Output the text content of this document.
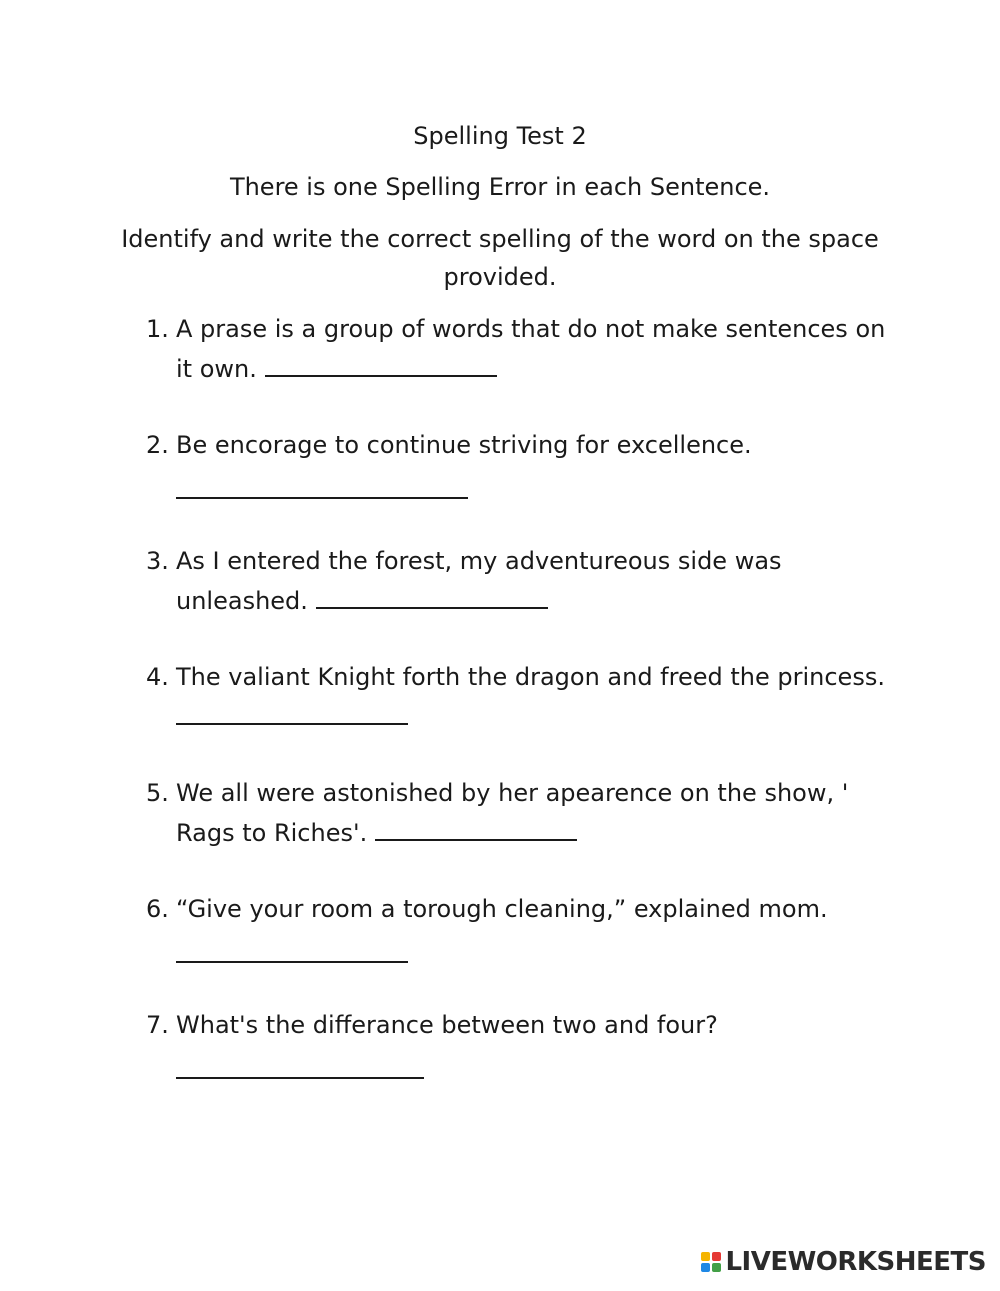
Spelling Test 2

There is one Spelling Error in each Sentence.

Identify and write the correct spelling of the word on the space provided.

1. A prase is a group of words that do not make sentences on it own.
2. Be encorage to continue striving for excellence.
3. As I entered the forest, my adventureous side was unleashed.
4. The valiant Knight forth the dragon and freed the princess.
5. We all were astonished by her apearence on the show, ' Rags to Riches'.
6. “Give your room a torough cleaning,” explained mom.
7. What's the differance between two and four?
LIVEWORKSHEETS
